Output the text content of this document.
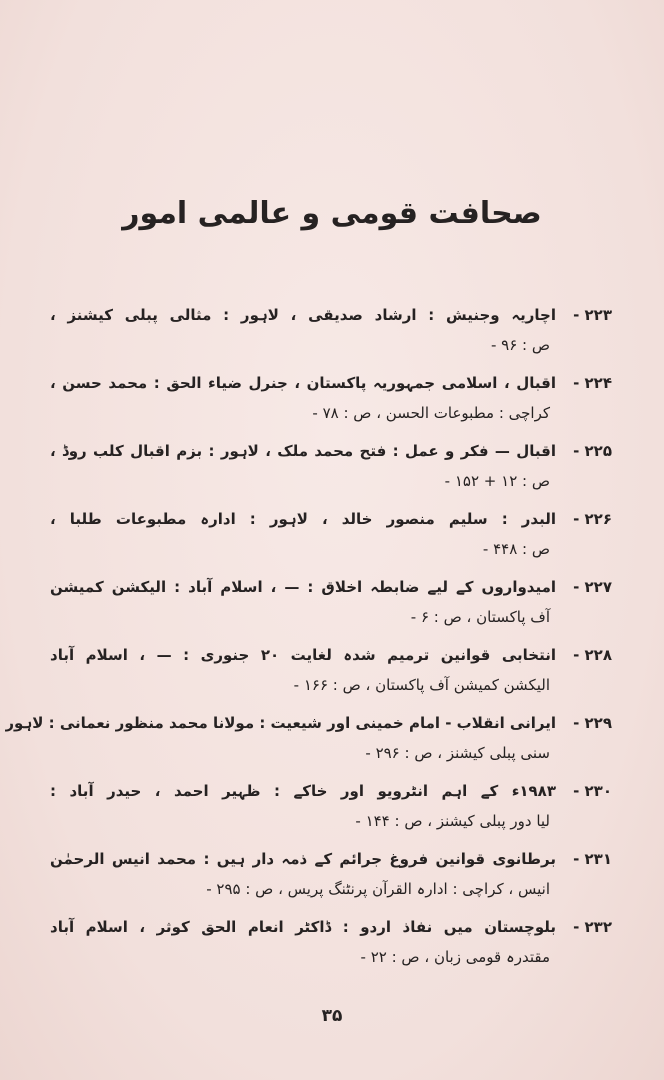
صحافت قومی و عالمی امور
۲۲۳ -
اچاریہ وجنیش : ارشاد صدیقی ، لاہور : مثالی پبلی کیشنز ،
ص : ۹۶ -
۲۲۴ -
اقبال ، اسلامی جمہوریہ پاکستان ، جنرل ضیاء الحق : محمد حسن ،
کراچی : مطبوعات الحسن ، ص : ۷۸ -
۲۲۵ -
اقبال — فکر و عمل : فتح محمد ملک ، لاہور : بزم اقبال کلب روڈ ،
ص : ۱۲ + ۱۵۲ -
۲۲۶ -
البدر : سلیم منصور خالد ، لاہور : ادارہ مطبوعات طلبا ،
ص : ۴۴۸ -
۲۲۷ -
امیدواروں کے لیے ضابطہ اخلاق : — ، اسلام آباد : الیکشن کمیشن
آف پاکستان ، ص : ۶ -
۲۲۸ -
انتخابی قوانین ترمیم شدہ لغایت ۲۰ جنوری : — ، اسلام آباد
الیکشن کمیشن آف پاکستان ، ص : ۱۶۶ -
۲۲۹ -
ایرانی انقلاب - امام خمینی اور شیعیت : مولانا محمد منظور نعمانی : لاہور
سنی پبلی کیشنز ، ص : ۲۹۶ -
۲۳۰ -
۱۹۸۳ء کے اہم انٹرویو اور خاکے : ظہیر احمد ، حیدر آباد :
لیا دور پبلی کیشنز ، ص : ۱۴۴ -
۲۳۱ -
برطانوی قوانین فروغ جرائم کے ذمہ دار ہیں : محمد انیس الرحمٰن
انیس ، کراچی : ادارہ القرآن پرنٹنگ پریس ، ص : ۲۹۵ -
۲۳۲ -
بلوچستان میں نفاذ اردو : ڈاکٹر انعام الحق کوثر ، اسلام آباد
مقتدرہ قومی زبان ، ص : ۲۲ -
۳۵
